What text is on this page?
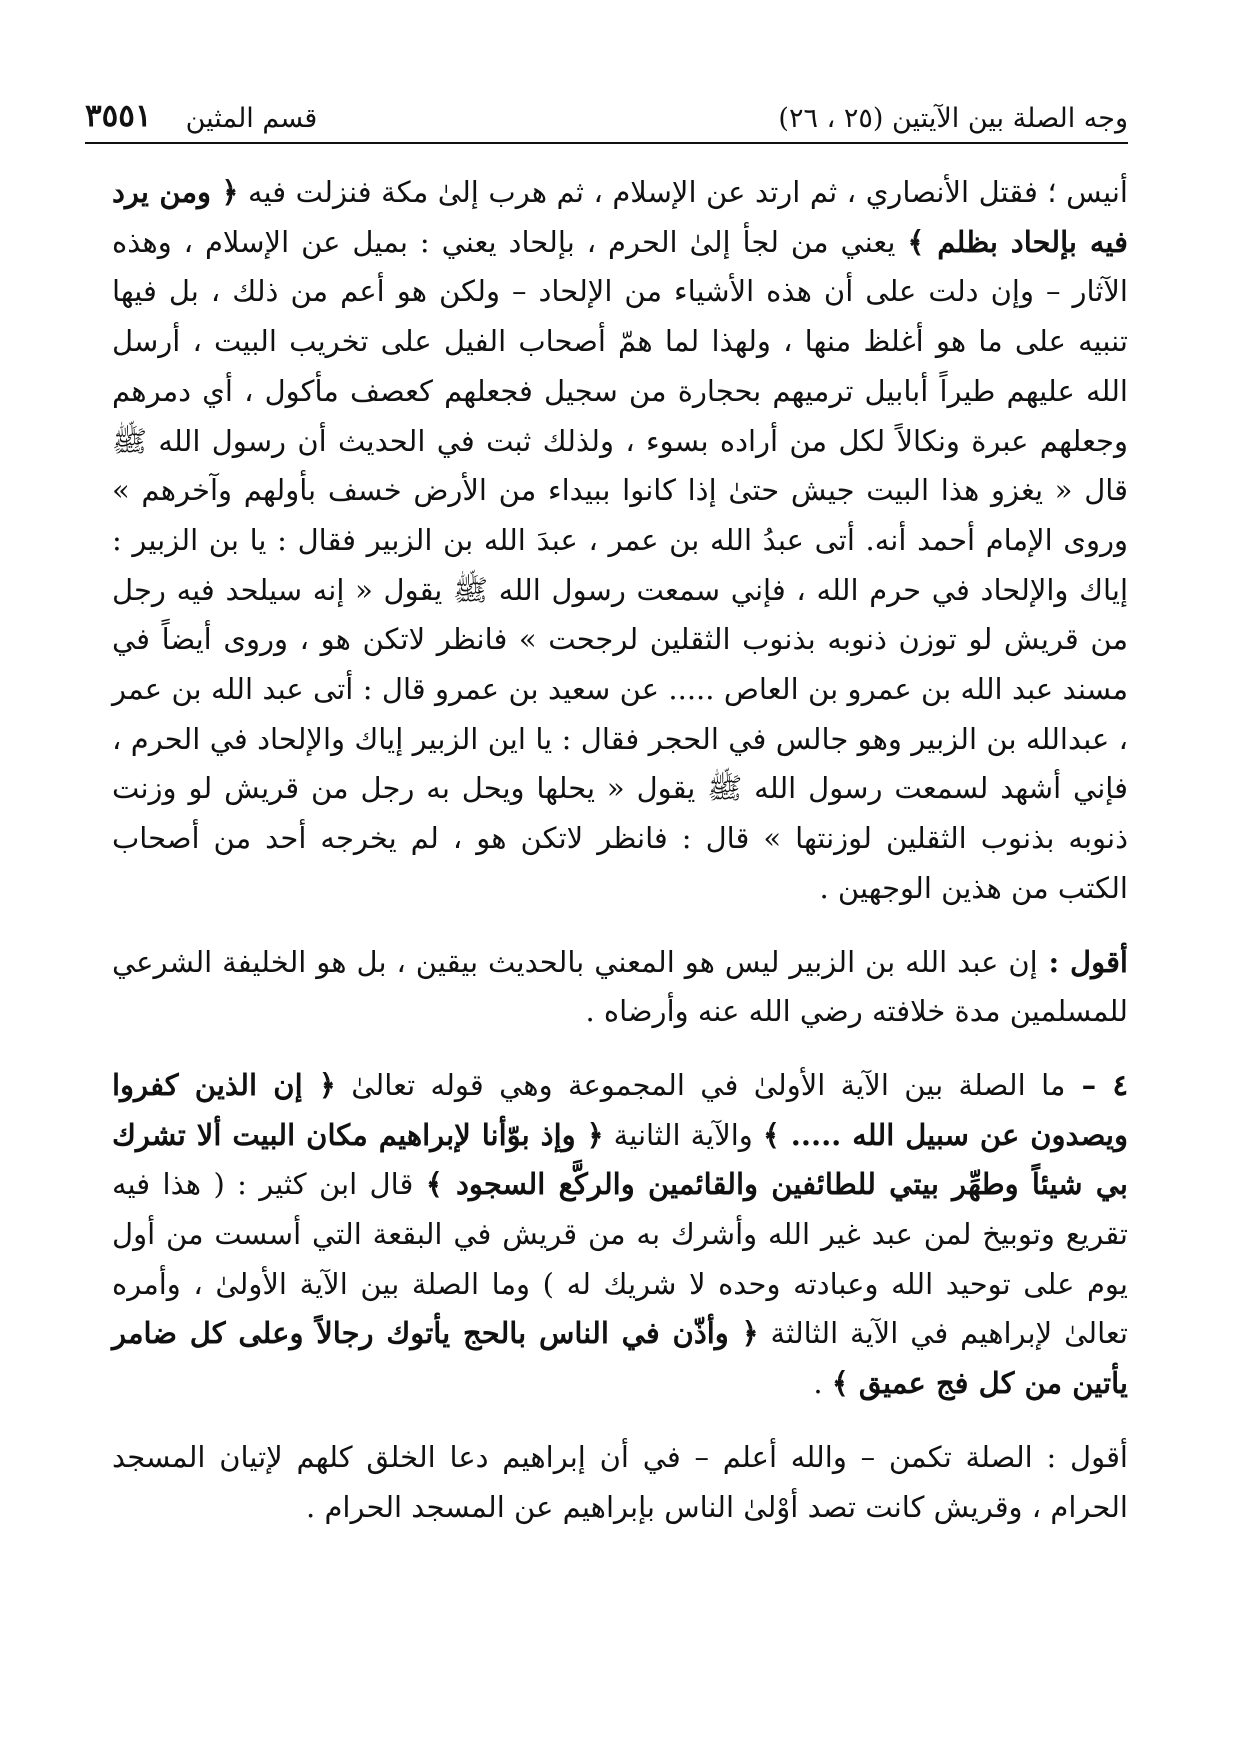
وجه الصلة بين الآيتين (٢٥ ، ٢٦)
قسم المثين
٣٥٥١

أنيس ؛ فقتل الأنصاري ، ثم ارتد عن الإسلام ، ثم هرب إلىٰ مكة فنزلت فيه ﴿ ومن يرد فيه بإلحاد بظلم ﴾ يعني من لجأ إلىٰ الحرم ، بإلحاد يعني : بميل عن الإسلام ، وهذه الآثار – وإن دلت على أن هذه الأشياء من الإلحاد – ولكن هو أعم من ذلك ، بل فيها تنبيه على ما هو أغلظ منها ، ولهذا لما همّ أصحاب الفيل على تخريب البيت ، أرسل الله عليهم طيراً أبابيل ترميهم بحجارة من سجيل فجعلهم كعصف مأكول ، أي دمرهم وجعلهم عبرة ونكالاً لكل من أراده بسوء ، ولذلك ثبت في الحديث أن رسول الله ﷺ قال « يغزو هذا البيت جيش حتىٰ إذا كانوا ببيداء من الأرض خسف بأولهم وآخرهم » وروى الإمام أحمد أنه. أتى عبدُ الله بن عمر ، عبدَ الله بن الزبير فقال : يا بن الزبير : إياك والإلحاد في حرم الله ، فإني سمعت رسول الله ﷺ يقول « إنه سيلحد فيه رجل من قريش لو توزن ذنوبه بذنوب الثقلين لرجحت » فانظر لاتكن هو ، وروى أيضاً في مسند عبد الله بن عمرو بن العاص ..... عن سعيد بن عمرو قال : أتى عبد الله بن عمر ، عبدالله بن الزبير وهو جالس في الحجر فقال : يا اين الزبير إياك والإلحاد في الحرم ، فإني أشهد لسمعت رسول الله ﷺ يقول « يحلها ويحل به رجل من قريش لو وزنت ذنوبه بذنوب الثقلين لوزنتها » قال : فانظر لاتكن هو ، لم يخرجه أحد من أصحاب الكتب من هذين الوجهين .

أقول : إن عبد الله بن الزبير ليس هو المعني بالحديث بيقين ، بل هو الخليفة الشرعي للمسلمين مدة خلافته رضي الله عنه وأرضاه .

٤ – ما الصلة بين الآية الأولىٰ في المجموعة وهي قوله تعالىٰ ﴿ إن الذين كفروا ويصدون عن سبيل الله ..... ﴾ والآية الثانية ﴿ وإذ بوّأنا لإبراهيم مكان البيت ألا تشرك بي شيئاً وطهِّر بيتي للطائفين والقائمين والركَّع السجود ﴾ قال ابن كثير : ( هذا فيه تقريع وتوبيخ لمن عبد غير الله وأشرك به من قريش في البقعة التي أسست من أول يوم على توحيد الله وعبادته وحده لا شريك له ) وما الصلة بين الآية الأولىٰ ، وأمره تعالىٰ لإبراهيم في الآية الثالثة ﴿ وأذّن في الناس بالحج يأتوك رجالاً وعلى كل ضامر يأتين من كل فج عميق ﴾ .

أقول : الصلة تكمن – والله أعلم – في أن إبراهيم دعا الخلق كلهم لإتيان المسجد الحرام ، وقريش كانت تصد أوْلىٰ الناس بإبراهيم عن المسجد الحرام .
